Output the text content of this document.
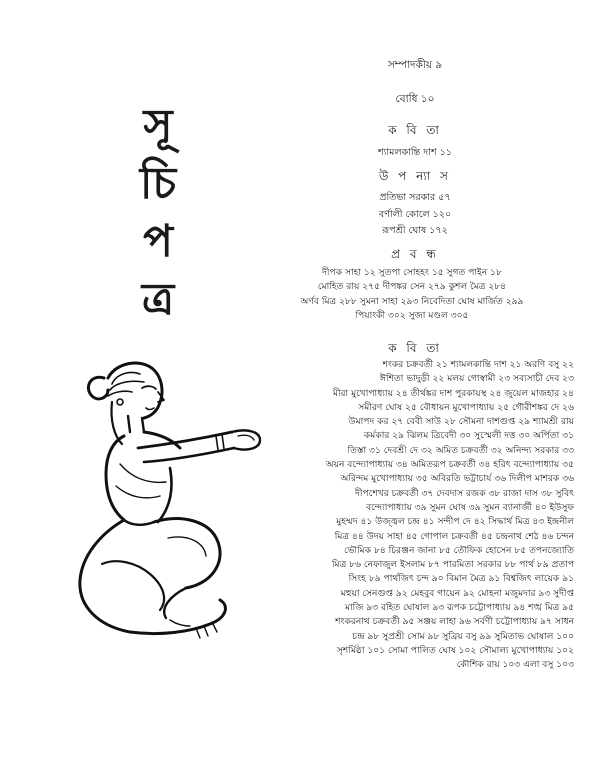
সূ
চি
প
ত্র
সম্পাদকীয় ৯
বোধি ১০
ক বি তা
শ্যামলকান্তি দাশ ১১
উ প ন্যা স
প্রতিভা সরকার ৫৭
বর্ণালী কোলে ১২০
রূপশ্রী ঘোষ ১৭২
প্র ব ন্ধ
দীপক সাহা ১২ সুতপা সোহহং ১৫ সুগত পাইন ১৮
মোহিত রায় ২৭৫ দীপঙ্কর সেন ২৭৯ কুশল মৈত্র ২৮৪
অর্ণব মিত্র ২৮৮ সুমনা সাহা ২৯৩ নিবেদিতা ঘোষ মার্জিত ২৯৯
পিয়াংকী ৩০২ সুজা মণ্ডল ৩০৫
ক বি তা
শংকর চক্রবর্তী ২১ শ্যামলকান্তি দাশ ২১ অরণি বসু ২২
ঈশিতা ভাদুড়ী ২২ মলয় গোস্বামী ২৩ সব্যসাচী দেব ২৩
মীরা মুখোপাধ্যায় ২৪ তীর্থঙ্কর দাশ পুরকায়স্থ ২৪ জুয়েল মাজহার ২৪
সমীরণ ঘোষ ২৫ বৌধায়ন মুখোপাধ্যায় ২৫ গৌরীশঙ্কর দে ২৬
উমাপদ কর ২৭ বেবী সাউ ২৮ সৌমনা দাশগুপ্ত ২৯ শ্যামশ্রী রায়
কর্মকার ২৯ ঝিলম ত্রিবেদী ৩০ সুস্মেলী দত্ত ৩০ অর্পিতা ৩১
তিস্তা ৩১ দেবশ্রী দে ৩২ অমিত চক্রবর্তী ৩২ অনিন্দ্য সরকার ৩৩
অয়ন বন্দ্যোপাধ্যায় ৩৪ অমিতরূপ চক্রবর্তী ৩৪ হরিৎ বন্দ্যোপাধ্যায় ৩৫
অরিন্দম মুখোপাধ্যায় ৩৫ অবিরতি ভট্টাচার্য ৩৬ দিলীপ মাশরক ৩৬
দীপশেখর চক্রবর্তী ৩৭ দেবদাস রজক ৩৮ রাজা দাস ৩৮ সুবিৎ
বন্দ্যোপাধ্যায় ৩৯ সুমন ঘোষ ৩৯ সুমন ব্যানার্জী ৪০ ইউসুফ
মুহম্মদ ৪১ উজ্জ্বল চন্দ্র ৪১ সন্দীপ দে ৪২ সিদ্ধার্থ মিত্র ৪৩ ইন্দ্রনীল
মিত্র ৪৪ উদয় সাহা ৪৫ গোপাল চক্রবর্তী ৪৫ চন্দ্রনাথ শেঠ ৪৬ চন্দন
ভৌমিক ৮৪ চিরঞ্জন জানা ৮৫ তৌফিক হোসেন ৮৫ তপনজ্যোতি
মিত্র ৮৬ নেফাজুল ইসলাম ৮৭ পারমিতা সরকার ৮৮ পার্থ ৮৯ প্রতাপ
সিংহ ৮৯ পার্থজিৎ চন্দ ৯০ বিমান মৈত্র ৯১ বিশ্বজিৎ লায়েক ৯১
মহুয়া সেনগুপ্ত ৯২ মেহবুব গায়েন ৯২ মোহনা মজুমদার ৯৩ সুদীপ্ত
মাজি ৯৩ রহিত ঘোষাল ৯৩ রূপক চট্টোপাধ্যায় ৯৪ শঙ্খ মিত্র ৯৫
শংকরনাথ চক্রবর্তী ৯৫ সঞ্জয় লাহা ৯৬ সর্বণী চট্টোপাধ্যায় ৯৭ সাধন
চন্দ্র ৯৮ সুপ্রশ্রী সোম ৯৮ সুব্রিয় বসু ৯৯ সুমিতাভ ঘোষাল ১০০
সৃশর্মিষ্ঠা ১০১ সোমা পালিত ঘোষ ১০২ সৌমাল্য মুখোপাধ্যায় ১০২
কৌশিক রায় ১০৩ এলা বসু ১০৩
